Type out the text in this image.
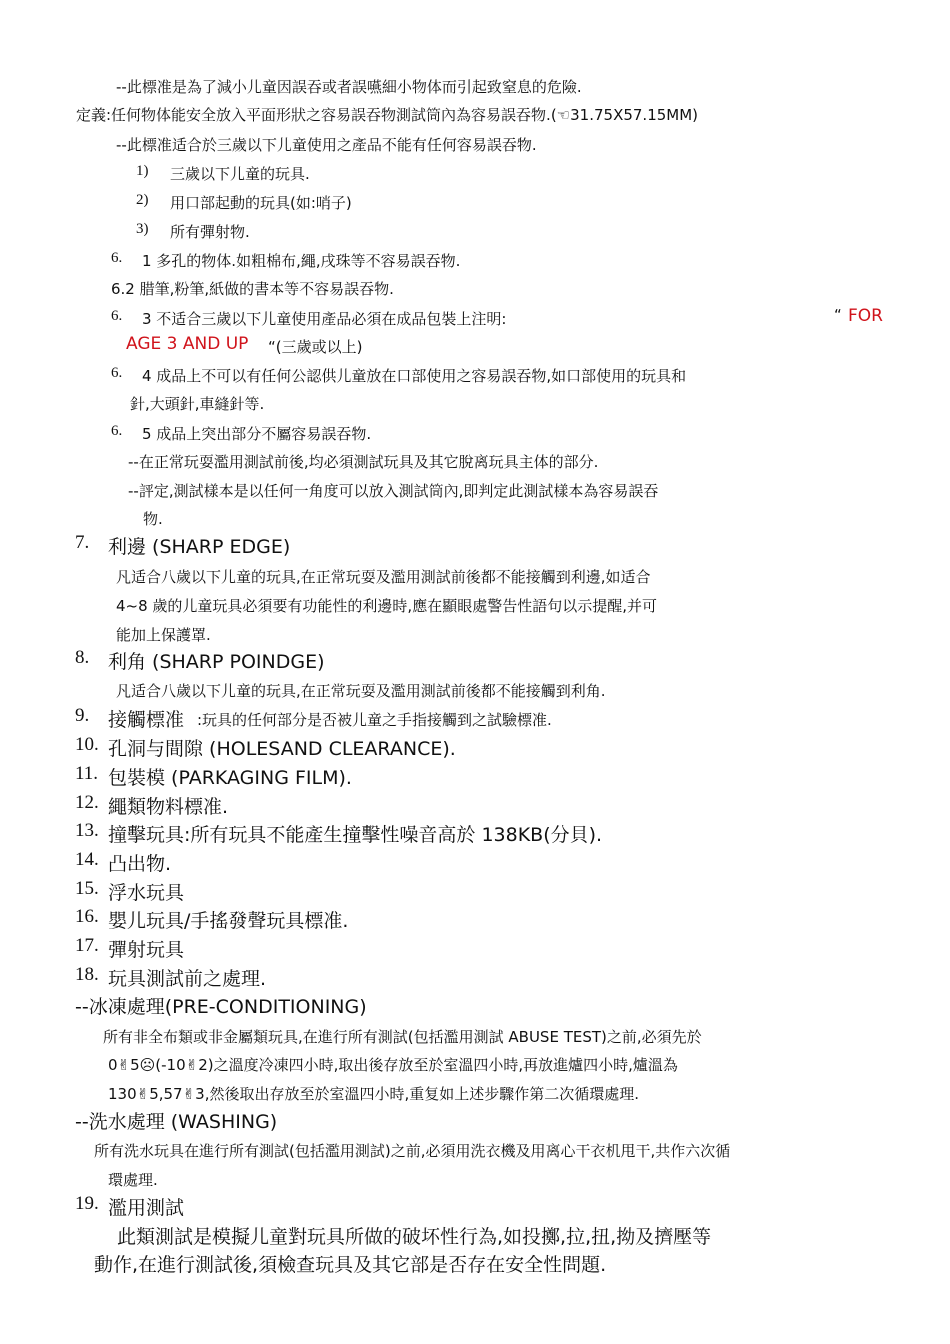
--此標准是為了減小儿童因誤吞或者誤嚥細小物体而引起致窒息的危險.
定義:任何物体能安全放入平面形狀之容易誤吞物測試筒內為容易誤吞物.(☜31.75X57.15MM)
--此標准适合於三歲以下儿童使用之產品不能有任何容易誤吞物.
1) 三歲以下儿童的玩具.
2) 用口部起動的玩具(如:哨子)
3) 所有彈射物.
6. 1 多孔的物体.如粗棉布,繩,戌珠等不容易誤吞物.
6.2 腊筆,粉筆,紙做的書本等不容易誤吞物.
6. 3 不适合三歲以下儿童使用產品必須在成品包裝上注明:	“ FOR
AGE 3 AND UP “(三歲或以上)
6. 4 成品上不可以有任何公認供儿童放在口部使用之容易誤吞物,如口部使用的玩具和
針,大頭針,車縫針等.
6. 5 成品上突出部分不屬容易誤吞物.
--在正常玩耍濫用測試前後,均必須測試玩具及其它脫离玩具主体的部分.
--評定,測試樣本是以任何一角度可以放入測試筒內,即判定此測試樣本為容易誤吞
物.
7. 利邊 (SHARP EDGE)
凡适合八歲以下儿童的玩具,在正常玩耍及濫用測試前後都不能接觸到利邊,如适合
4~8 歲的儿童玩具必須要有功能性的利邊時,應在顯眼處警告性語句以示提醒,并可
能加上保護罩.
8. 利角 (SHARP POINDGE)
凡适合八歲以下儿童的玩具,在正常玩耍及濫用測試前後都不能接觸到利角.
9. 接觸標准 :玩具的任何部分是否被儿童之手指接觸到之試驗標准.
10. 孔洞与間隙 (HOLESAND CLEARANCE).
11. 包裝模 (PARKAGING FILM).
12. 繩類物料標准.
13. 撞擊玩具:所有玩具不能產生撞擊性噪音高於 138KB(分貝).
14. 凸出物.
15. 浮水玩具
16. 嬰儿玩具/手搖發聲玩具標准.
17. 彈射玩具
18. 玩具測試前之處理.
--冰凍處理(PRE-CONDITIONING)
所有非全布類或非金屬類玩具,在進行所有測試(包括濫用測試 ABUSE TEST)之前,必須先於
0✌5☹(-10✌2)之溫度冷凍四小時,取出後存放至於室溫四小時,再放進爐四小時,爐溫為
130✌5,57✌3,然後取出存放至於室溫四小時,重复如上述步驟作第二次循環處理.
--洗水處理 (WASHING)
所有洗水玩具在進行所有測試(包括濫用測試)之前,必須用洗衣機及用离心干衣机甩干,共作六次循
環處理.
19. 濫用測試
此類測試是模擬儿童對玩具所做的破坏性行為,如投擲,拉,扭,拗及擠壓等
動作,在進行測試後,須檢查玩具及其它部是否存在安全性問題.
